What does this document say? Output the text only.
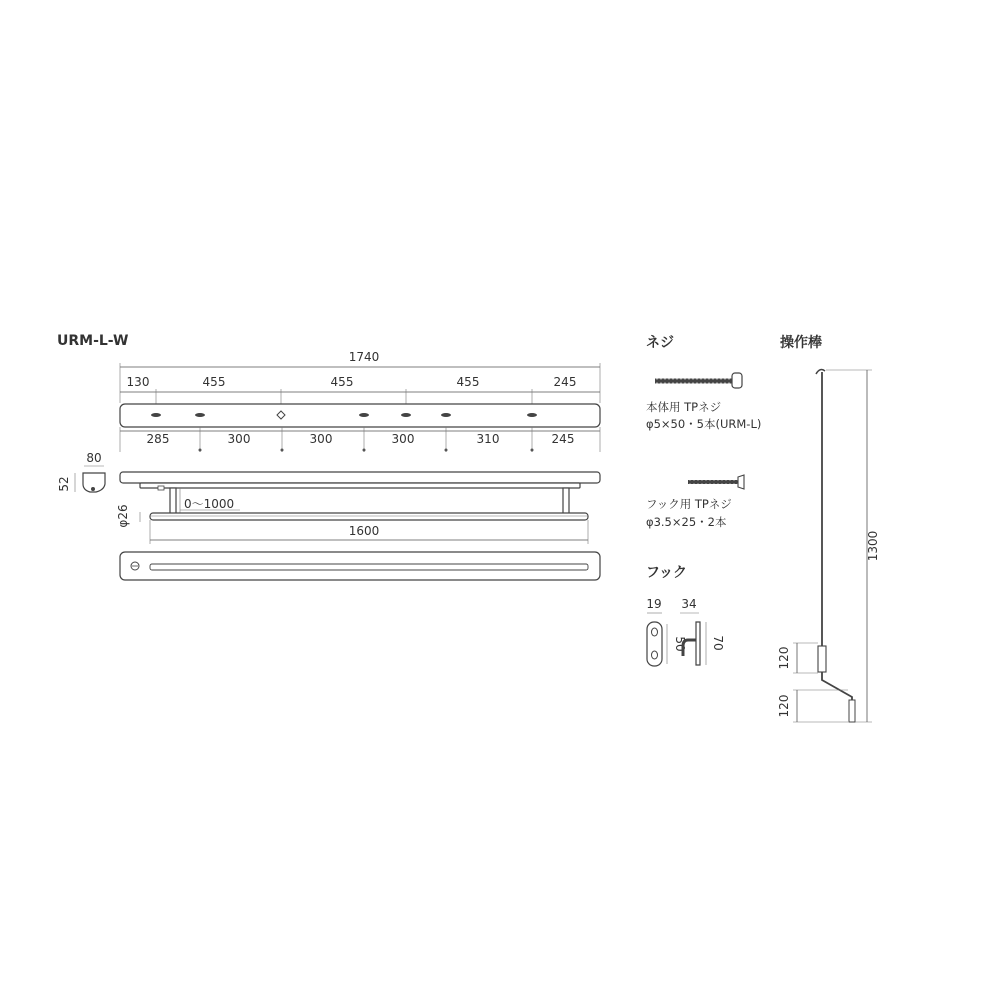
URM-L-W
1740
130	455	455	455	245
285	300	300	300	310	245
80
52
0〜1000
φ26
1600
ネジ
本体用 TPネジ
φ5×50・5本(URM-L)
フック用 TPネジ
φ3.5×25・2本
フック
19 34
50 70
操作棒
1300
120
120
